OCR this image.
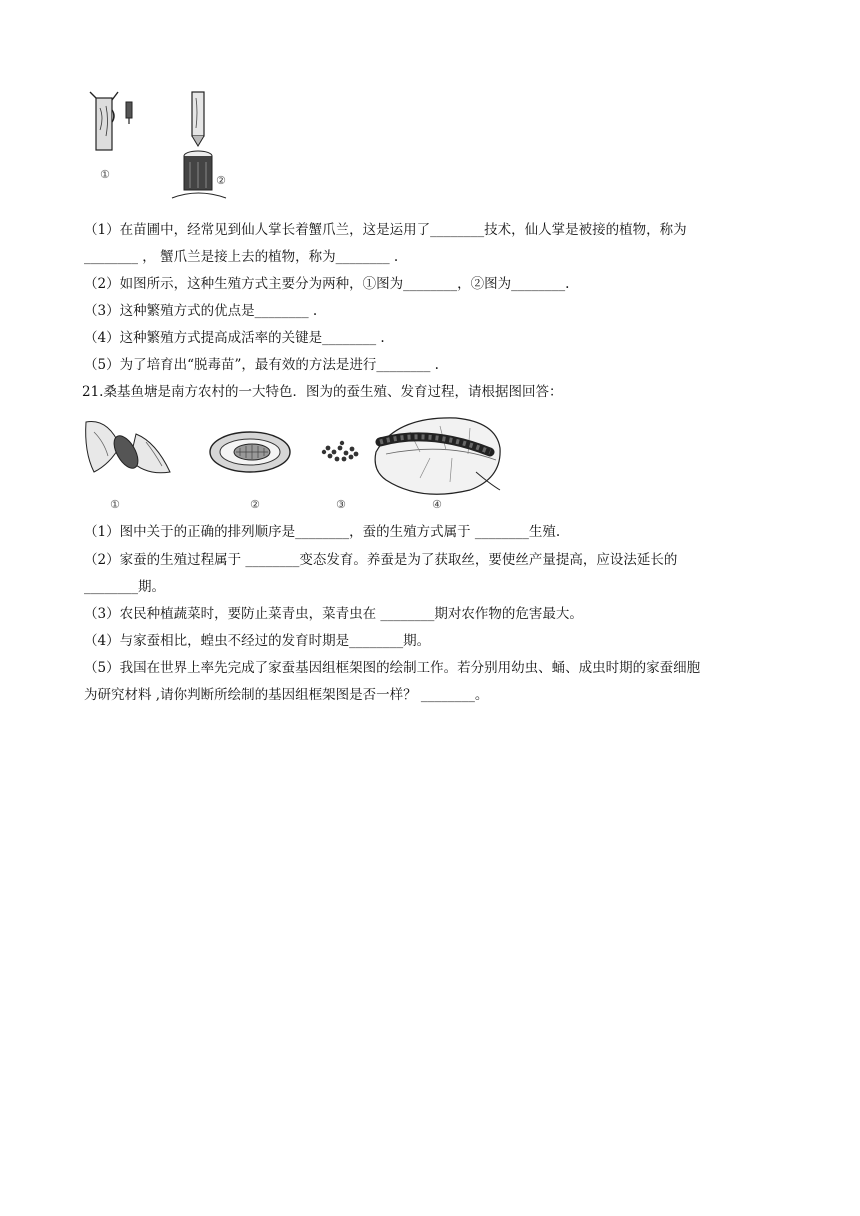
①	②
（1）在苗圃中，经常见到仙人掌长着蟹爪兰，这是运用了________技术，仙人掌是被接的植物，称为
________ ， 蟹爪兰是接上去的植物，称为________ .
（2）如图所示，这种生殖方式主要分为两种，①图为________，②图为________.
（3）这种繁殖方式的优点是________ .
（4）这种繁殖方式提高成活率的关键是________ .
（5）为了培育出“脱毒苗”，最有效的方法是进行________ .
21.桑基鱼塘是南方农村的一大特色．图为的蚕生殖、发育过程，请根据图回答：
①	②	③	④
（1）图中关于的正确的排列顺序是________，蚕的生殖方式属于 ________生殖.
（2）家蚕的生殖过程属于 ________变态发育。养蚕是为了获取丝，要使丝产量提高，应设法延长的
________期。
（3）农民种植蔬菜时，要防止菜青虫，菜青虫在 ________期对农作物的危害最大。
（4）与家蚕相比，蝗虫不经过的发育时期是________期。
（5）我国在世界上率先完成了家蚕基因组框架图的绘制工作。若分别用幼虫、蛹、成虫时期的家蚕细胞
为研究材料 ,请你判断所绘制的基因组框架图是否一样？ ________。
